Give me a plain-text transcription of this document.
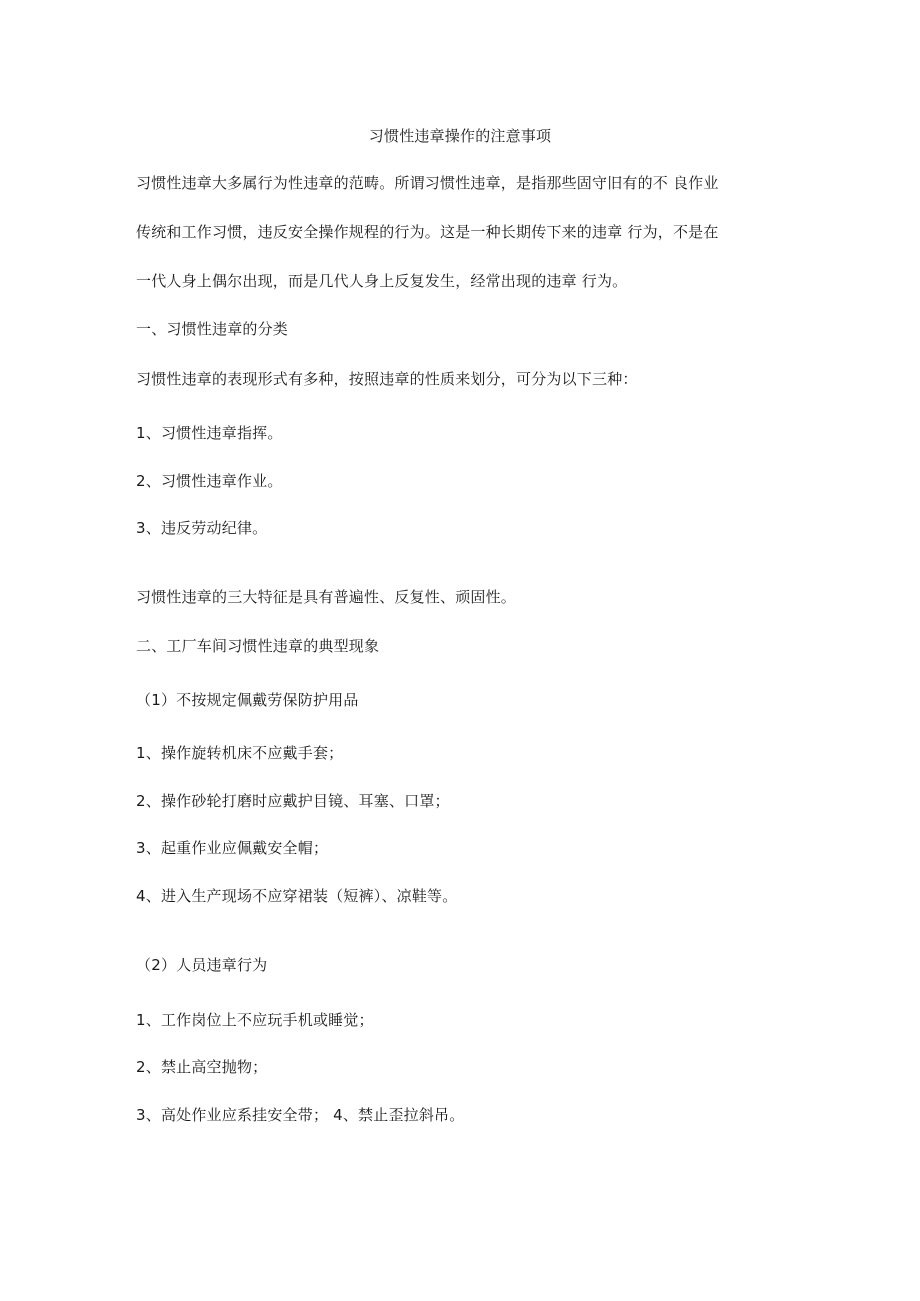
习惯性违章操作的注意事项
习惯性违章大多属行为性违章的范畴。所谓习惯性违章，是指那些固守旧有的不 良作业
传统和工作习惯，违反安全操作规程的行为。这是一种长期传下来的违章 行为，不是在
一代人身上偶尔出现，而是几代人身上反复发生，经常出现的违章 行为。
一、习惯性违章的分类
习惯性违章的表现形式有多种，按照违章的性质来划分，可分为以下三种：
1、习惯性违章指挥。
2、习惯性违章作业。
3、违反劳动纪律。
习惯性违章的三大特征是具有普遍性、反复性、顽固性。
二、工厂车间习惯性违章的典型现象
（1）不按规定佩戴劳保防护用品
1、操作旋转机床不应戴手套；
2、操作砂轮打磨时应戴护目镜、耳塞、口罩；
3、起重作业应佩戴安全帽；
4、进入生产现场不应穿裙装（短裤）、凉鞋等。
（2）人员违章行为
1、工作岗位上不应玩手机或睡觉；
2、禁止高空抛物；
3、高处作业应系挂安全带； 4、禁止歪拉斜吊。
